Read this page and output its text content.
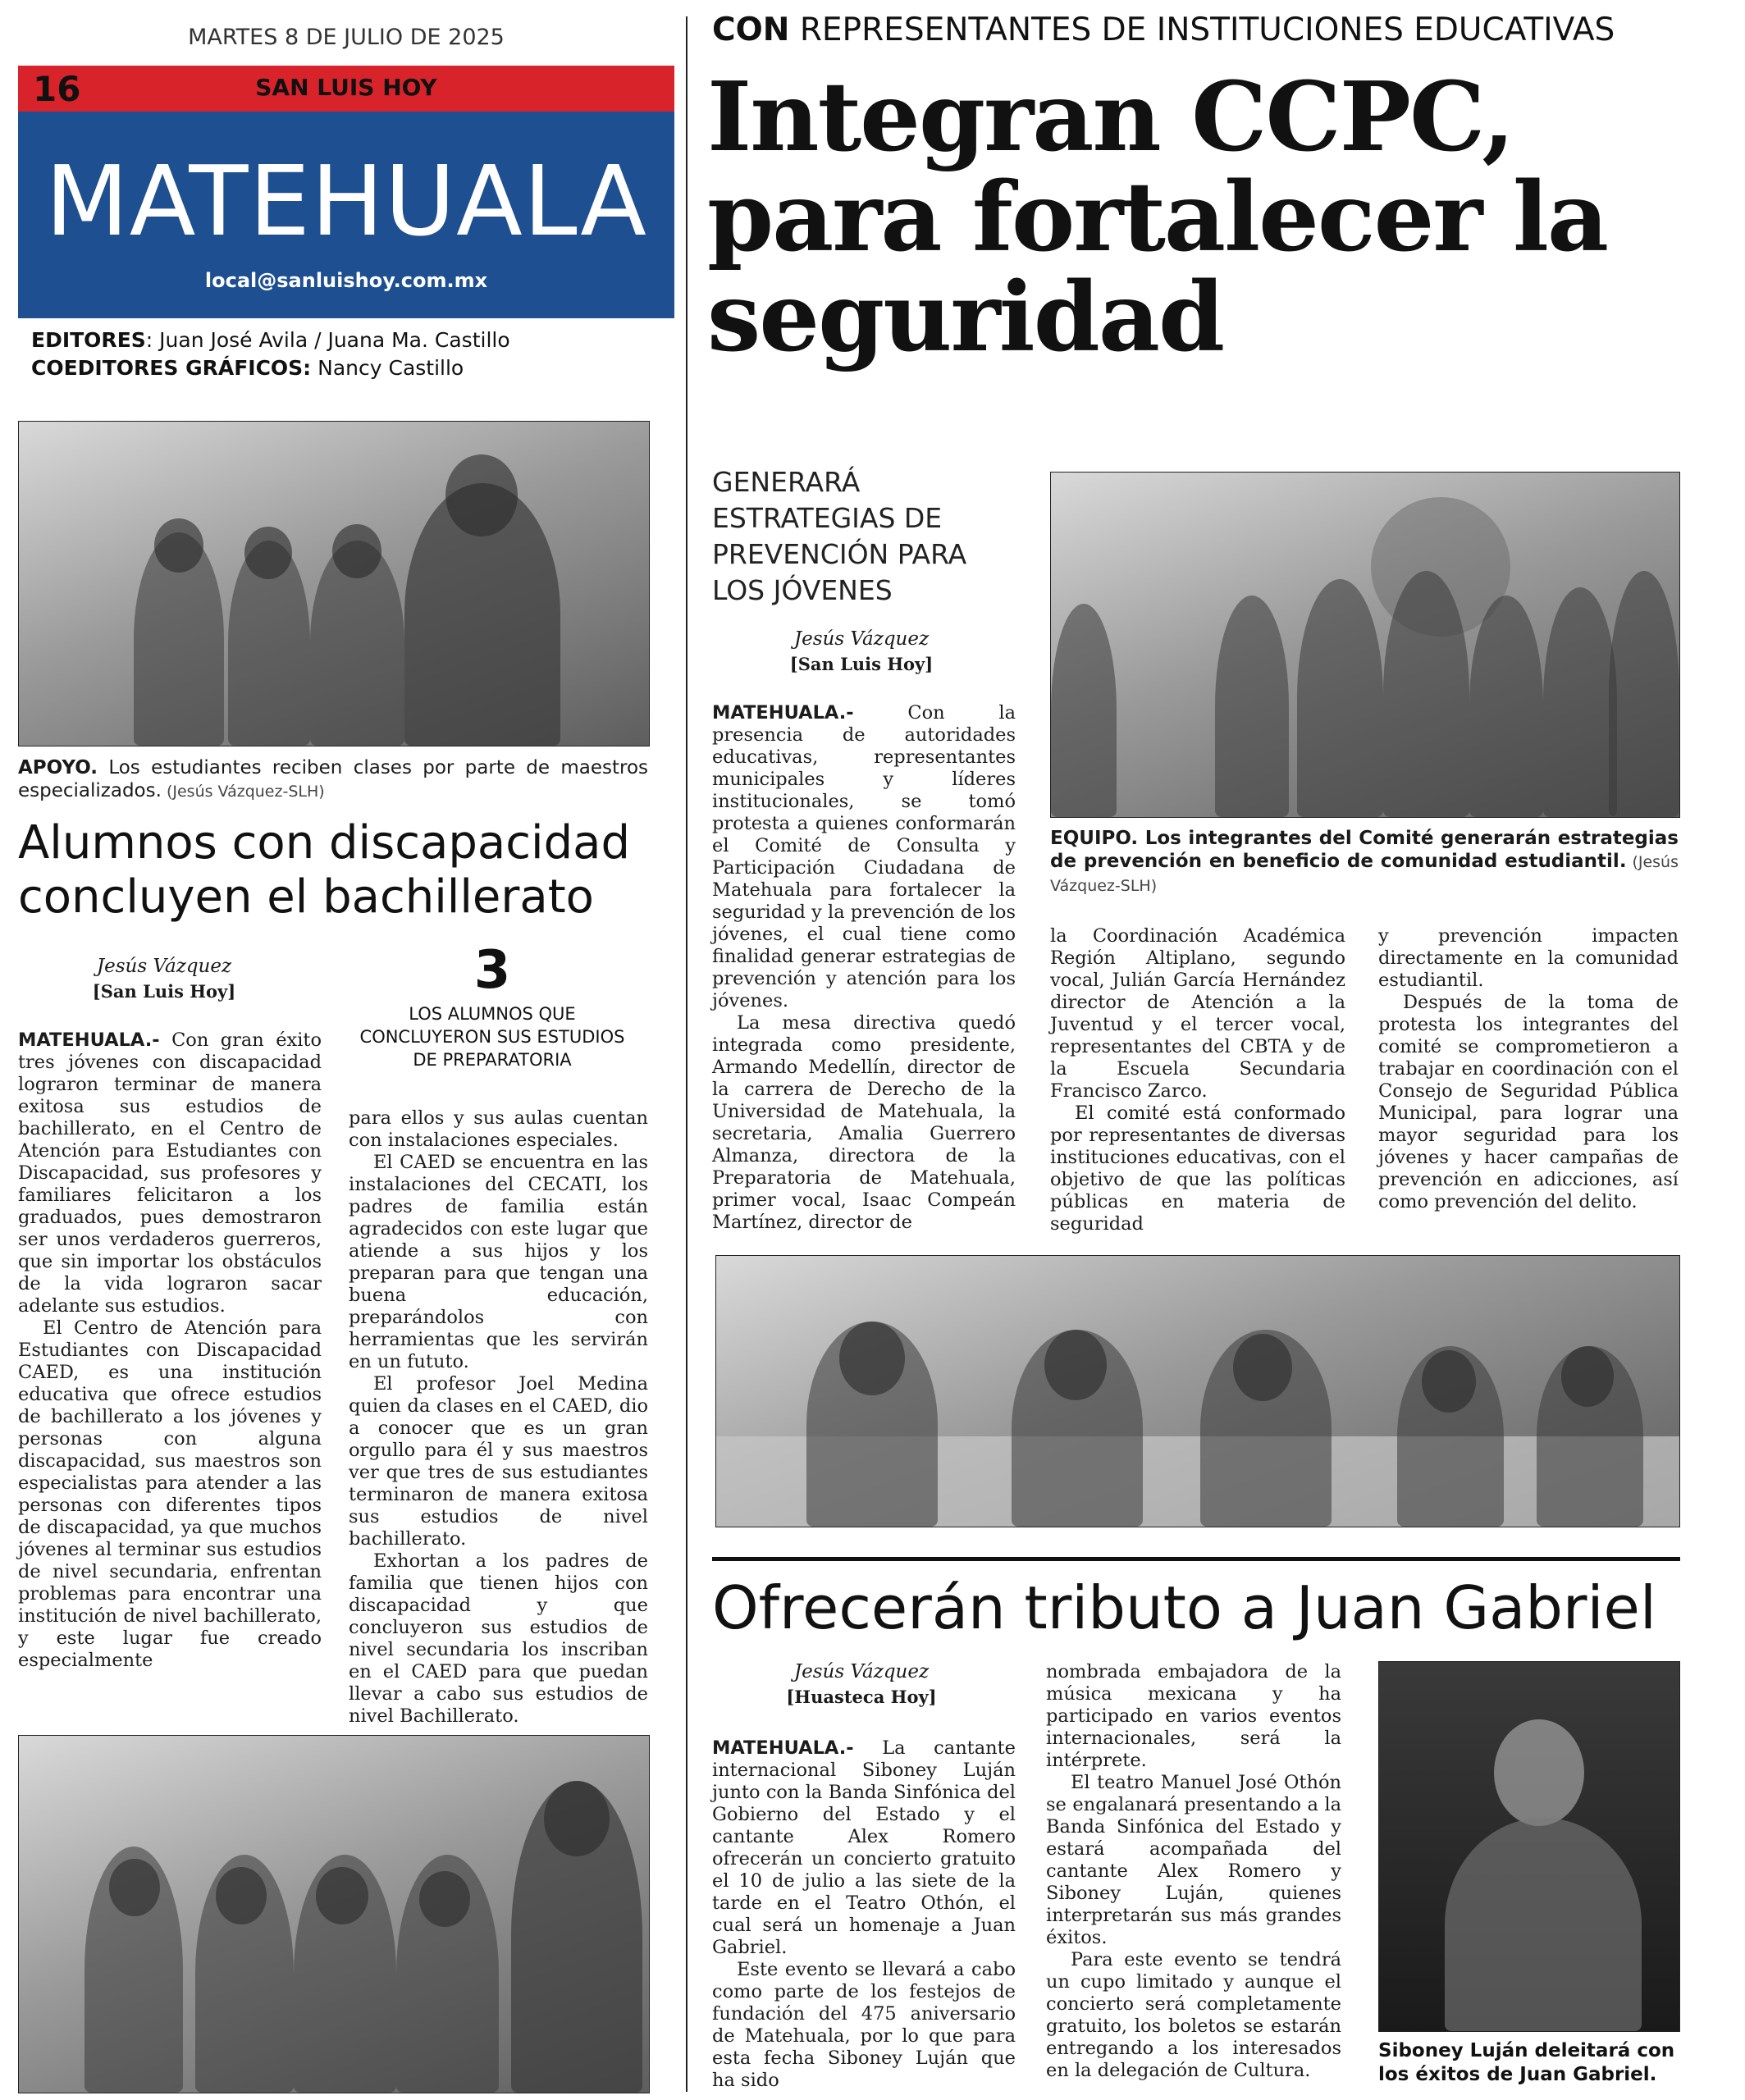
MARTES 8 DE JULIO DE 2025
16	SAN LUIS HOY
MATEHUALA
local@sanluishoy.com.mx
EDITORES: Juan José Avila / Juana Ma. Castillo
COEDITORES GRÁFICOS: Nancy Castillo
APOYO. Los estudiantes reciben clases por parte de maestros especializados. (Jesús Vázquez-SLH)
Alumnos con discapacidad concluyen el bachillerato
Jesús Vázquez
[San Luis Hoy]	3
LOS ALUMNOS QUE CONCLUYERON SUS ESTUDIOS DE PREPARATORIA

MATEHUALA.- Con gran éxito tres jóvenes con discapacidad lograron terminar de manera exitosa sus estudios de bachillerato, en el Centro de Atención para Estudiantes con Discapacidad, sus profesores y familiares felicitaron a los graduados, pues demostraron ser unos verdaderos guerreros, que sin importar los obstáculos de la vida lograron sacar adelante sus estudios.

El Centro de Atención para Estudiantes con Discapacidad CAED, es una institución educativa que ofrece estudios de bachillerato a los jóvenes y personas con alguna discapacidad, sus maestros son especialistas para atender a las personas con diferentes tipos de discapacidad, ya que muchos jóvenes al terminar sus estudios de nivel secundaria, enfrentan problemas para encontrar una institución de nivel bachillerato, y este lugar fue creado especialmente

para ellos y sus aulas cuentan con instalaciones especiales.

El CAED se encuentra en las instalaciones del CECATI, los padres de familia están agradecidos con este lugar que atiende a sus hijos y los preparan para que tengan una buena educación, preparándolos con herramientas que les servirán en un fututo.

El profesor Joel Medina quien da clases en el CAED, dio a conocer que es un gran orgullo para él y sus maestros ver que tres de sus estudiantes terminaron de manera exitosa sus estudios de nivel bachillerato.

Exhortan a los padres de familia que tienen hijos con discapacidad y que concluyeron sus estudios de nivel secundaria los inscriban en el CAED para que puedan llevar a cabo sus estudios de nivel Bachillerato.

CON REPRESENTANTES DE INSTITUCIONES EDUCATIVAS
Integran CCPC, para fortalecer la seguridad
GENERARÁ ESTRATEGIAS DE PREVENCIÓN PARA LOS JÓVENES
Jesús Vázquez
[San Luis Hoy]
EQUIPO. Los integrantes del Comité generarán estrategias de prevención en beneficio de comunidad estudiantil. (Jesús Vázquez-SLH)

MATEHUALA.- Con la presencia de autoridades educativas, representantes municipales y líderes institucionales, se tomó protesta a quienes conformarán el Comité de Consulta y Participación Ciudadana de Matehuala para fortalecer la seguridad y la prevención de los jóvenes, el cual tiene como finalidad generar estrategias de prevención y atención para los jóvenes.

La mesa directiva quedó integrada como presidente, Armando Medellín, director de la carrera de Derecho de la Universidad de Matehuala, la secretaria, Amalia Guerrero Almanza, directora de la Preparatoria de Matehuala, primer vocal, Isaac Compeán Martínez, director de

la Coordinación Académica Región Altiplano, segundo vocal, Julián García Hernández director de Atención a la Juventud y el tercer vocal, representantes del CBTA y de la Escuela Secundaria Francisco Zarco.

El comité está conformado por representantes de diversas instituciones educativas, con el objetivo de que las políticas públicas en materia de seguridad

y prevención impacten directamente en la comunidad estudiantil.

Después de la toma de protesta los integrantes del comité se comprometieron a trabajar en coordinación con el Consejo de Seguridad Pública Municipal, para lograr una mayor seguridad para los jóvenes y hacer campañas de prevención en adicciones, así como prevención del delito.

Ofrecerán tributo a Juan Gabriel
Jesús Vázquez
[Huasteca Hoy]

MATEHUALA.- La cantante internacional Siboney Luján junto con la Banda Sinfónica del Gobierno del Estado y el cantante Alex Romero ofrecerán un concierto gratuito el 10 de julio a las siete de la tarde en el Teatro Othón, el cual será un homenaje a Juan Gabriel.

Este evento se llevará a cabo como parte de los festejos de fundación del 475 aniversario de Matehuala, por lo que para esta fecha Siboney Luján que ha sido

nombrada embajadora de la música mexicana y ha participado en varios eventos internacionales, será la intérprete.

El teatro Manuel José Othón se engalanará presentando a la Banda Sinfónica del Estado y estará acompañada del cantante Alex Romero y Siboney Luján, quienes interpretarán sus más grandes éxitos.

Para este evento se tendrá un cupo limitado y aunque el concierto será completamente gratuito, los boletos se estarán entregando a los interesados en la delegación de Cultura.

Siboney Luján deleitará con los éxitos de Juan Gabriel.
